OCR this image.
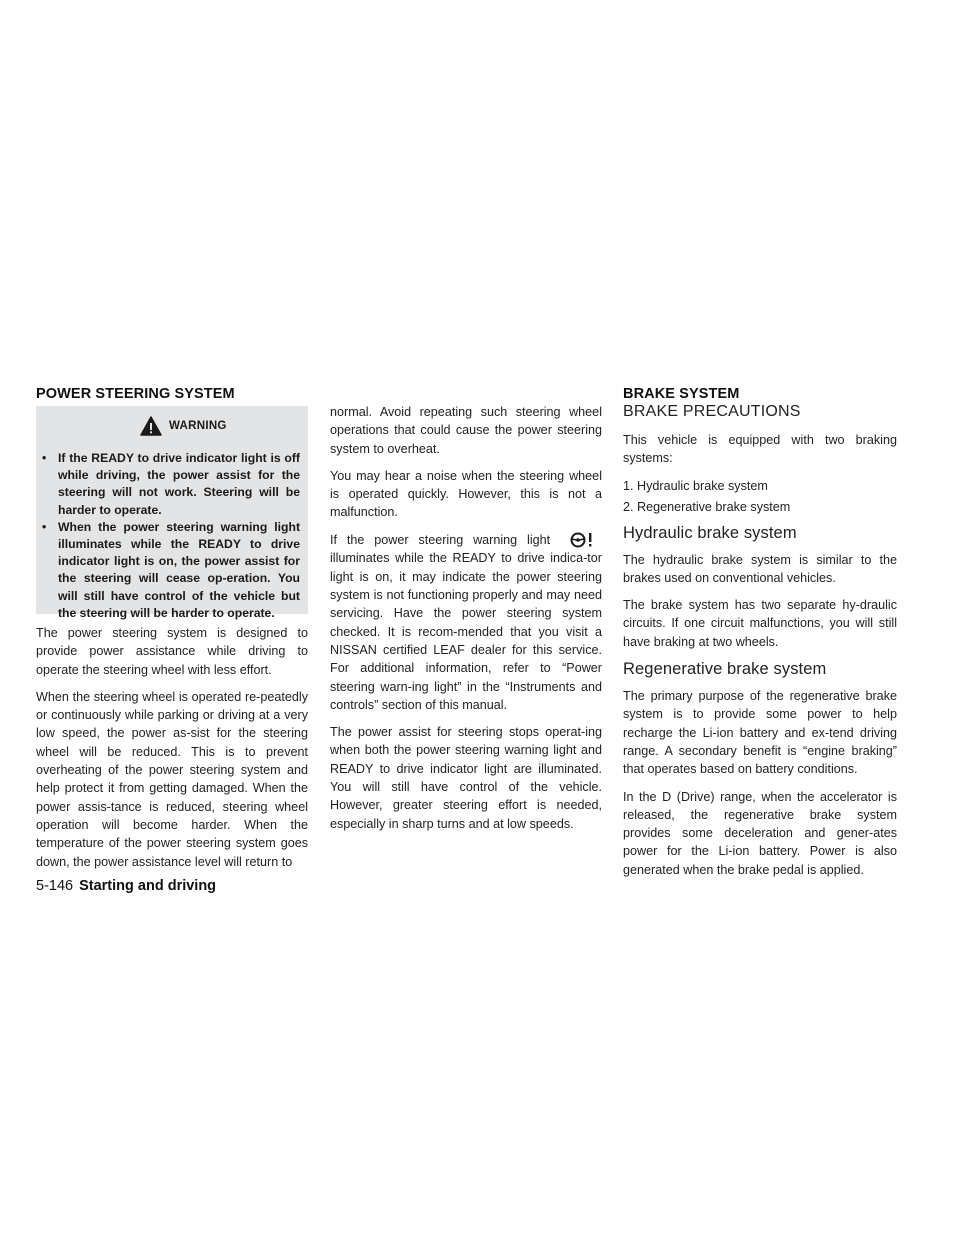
POWER STEERING SYSTEM
WARNING
• If the READY to drive indicator light is off while driving, the power assist for the steering will not work. Steering will be harder to operate.
• When the power steering warning light illuminates while the READY to drive indicator light is on, the power assist for the steering will cease op-eration. You will still have control of the vehicle but the steering will be harder to operate.

The power steering system is designed to provide power assistance while driving to operate the steering wheel with less effort.

When the steering wheel is operated re-peatedly or continuously while parking or driving at a very low speed, the power as-sist for the steering wheel will be reduced. This is to prevent overheating of the power steering system and help protect it from getting damaged. When the power assis-tance is reduced, steering wheel operation will become harder. When the temperature of the power steering system goes down, the power assistance level will return to

normal. Avoid repeating such steering wheel operations that could cause the power steering system to overheat.

You may hear a noise when the steering wheel is operated quickly. However, this is not a malfunction.

If the power steering warning light  illuminates while the READY to drive indica-tor light is on, it may indicate the power steering system is not functioning properly and may need servicing. Have the power steering system checked. It is recom-mended that you visit a NISSAN certified LEAF dealer for this service. For additional information, refer to “Power steering warn-ing light” in the “Instruments and controls” section of this manual.

The power assist for steering stops operat-ing when both the power steering warning light and READY to drive indicator light are illuminated. You will still have control of the vehicle. However, greater steering effort is needed, especially in sharp turns and at low speeds.

BRAKE SYSTEM
BRAKE PRECAUTIONS

This vehicle is equipped with two braking systems:

1. Hydraulic brake system

2. Regenerative brake system

Hydraulic brake system

The hydraulic brake system is similar to the brakes used on conventional vehicles.

The brake system has two separate hy-draulic circuits. If one circuit malfunctions, you will still have braking at two wheels.

Regenerative brake system

The primary purpose of the regenerative brake system is to provide some power to help recharge the Li-ion battery and ex-tend driving range. A secondary benefit is “engine braking” that operates based on battery conditions.

In the D (Drive) range, when the accelerator is released, the regenerative brake system provides some deceleration and gener-ates power for the Li-ion battery. Power is also generated when the brake pedal is applied.

5-146 Starting and driving
